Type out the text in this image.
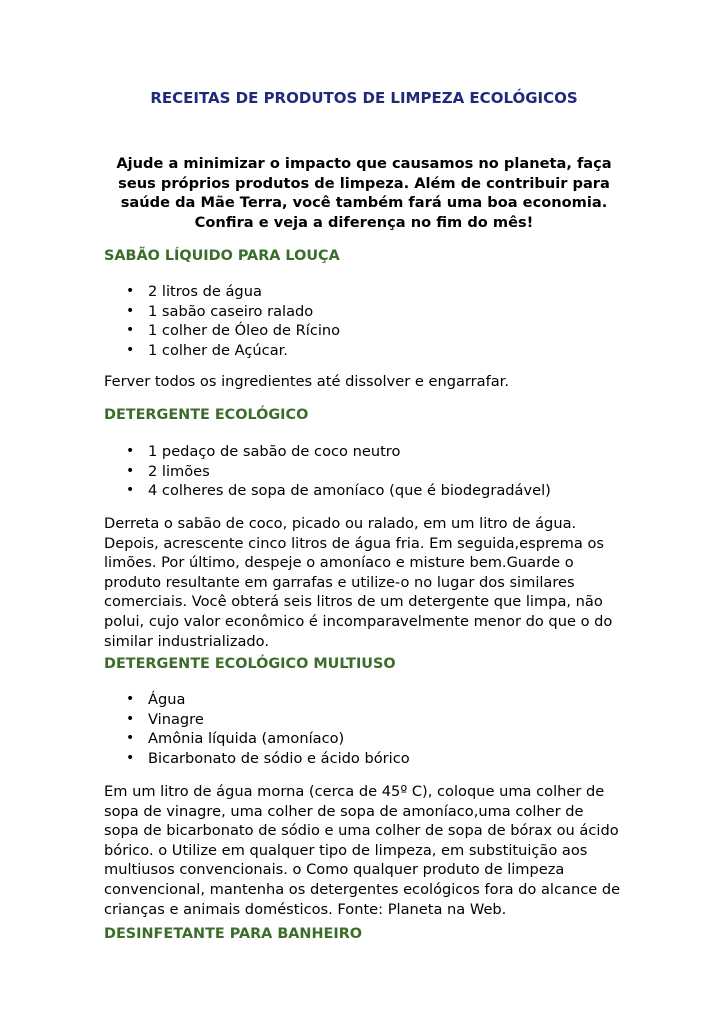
RECEITAS DE PRODUTOS DE LIMPEZA ECOLÓGICOS

Ajude a minimizar o impacto que causamos no planeta, faça
seus próprios produtos de limpeza. Além de contribuir para
saúde da Mãe Terra, você também fará uma boa economia.
Confira e veja a diferença no fim do mês!

SABÃO LÍQUIDO PARA LOUÇA
• 2 litros de água
• 1 sabão caseiro ralado
• 1 colher de Óleo de Rícino
• 1 colher de Açúcar.

Ferver todos os ingredientes até dissolver e engarrafar.

DETERGENTE ECOLÓGICO
• 1 pedaço de sabão de coco neutro
• 2 limões
• 4 colheres de sopa de amoníaco (que é biodegradável)

Derreta o sabão de coco, picado ou ralado, em um litro de água.
Depois, acrescente cinco litros de água fria. Em seguida,esprema os
limões. Por último, despeje o amoníaco e misture bem.Guarde o
produto resultante em garrafas e utilize-o no lugar dos similares
comerciais. Você obterá seis litros de um detergente que limpa, não
polui, cujo valor econômico é incomparavelmente menor do que o do
similar industrializado.

DETERGENTE ECOLÓGICO MULTIUSO
• Água
• Vinagre
• Amônia líquida (amoníaco)
• Bicarbonato de sódio e ácido bórico

Em um litro de água morna (cerca de 45º C), coloque uma colher de
sopa de vinagre, uma colher de sopa de amoníaco,uma colher de
sopa de bicarbonato de sódio e uma colher de sopa de bórax ou ácido
bórico. o Utilize em qualquer tipo de limpeza, em substituição aos
multiusos convencionais. o Como qualquer produto de limpeza
convencional, mantenha os detergentes ecológicos fora do alcance de
crianças e animais domésticos. Fonte: Planeta na Web.

DESINFETANTE PARA BANHEIRO
